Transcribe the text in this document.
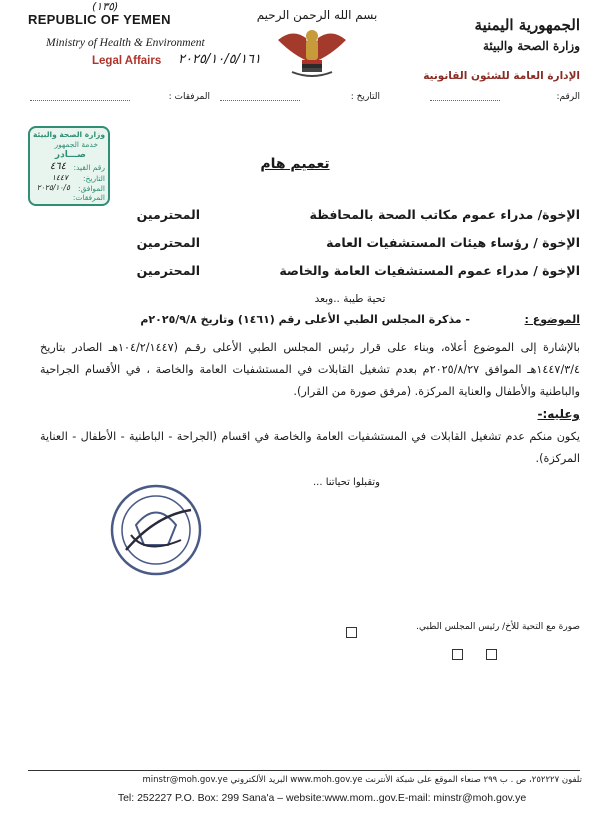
(١٣٥)
REPUBLIC OF YEMEN
Ministry of Health & Environment
Legal Affairs ٢٠٢٥/١٠/٥/١٦١
بسم الله الرحمن الرحيم
الجمهورية اليمنية
وزارة الصحة والبيئة
الإدارة العامة للشئون القانونية
الرقم:
التاريخ :
المرفقات :
وزارة الصحة والبيئة
خدمة الجمهور
صـــادر
رقم القيد:
٤٦٤
التاريخ:
١٤٤٧
الموافق:
٢٠٢٥/١٠/٥
المرفقات:
تعميم هام
الإخوة/ مدراء عموم مكاتب الصحة بالمحافظة
المحترمين
الإخوة / رؤساء هيئات المستشفيات العامة
المحترمين
الإخوة / مدراء عموم المستشفيات العامة والخاصة
المحترمين
تحية طيبة ..وبعد
الموضوع :
- مذكرة المجلس الطبي الأعلى رقم (١٤٦١) وتاريخ ٢٠٢٥/٩/٨م
بالإشارة إلى الموضوع أعلاه، وبناء على قرار رئيس المجلس الطبي الأعلى رقـم (١٠٤/٢/١٤٤٧هـ الصادر بتاريخ ١٤٤٧/٣/٤هـ الموافق ٢٠٢٥/٨/٢٧م بعدم تشغيل القابلات في المستشفيات العامة والخاصة ، في الأقسام الجراحية والباطنية والأطفال والعناية المركزة. (مرفق صورة من القرار).
وعليه:-
يكون منكم عدم تشغيل القابلات في المستشفيات العامة والخاصة في اقسام (الجراحة - الباطنية - الأطفال - العناية المركزة).
وتقبلوا تحياتنا ...
صورة مع التحية للأخ/ رئيس المجلس الطبي.
تلفون ٢٥٢٢٢٧، ص . ب ٢٩٩ صنعاء الموقع على شبكة الأنترنت www.moh.gov.ye البريد الألكتروني minstr@moh.gov.ye
Tel: 252227 P.O. Box: 299 Sana'a – website:www.mom..gov.E-mail: minstr@moh.gov.ye
